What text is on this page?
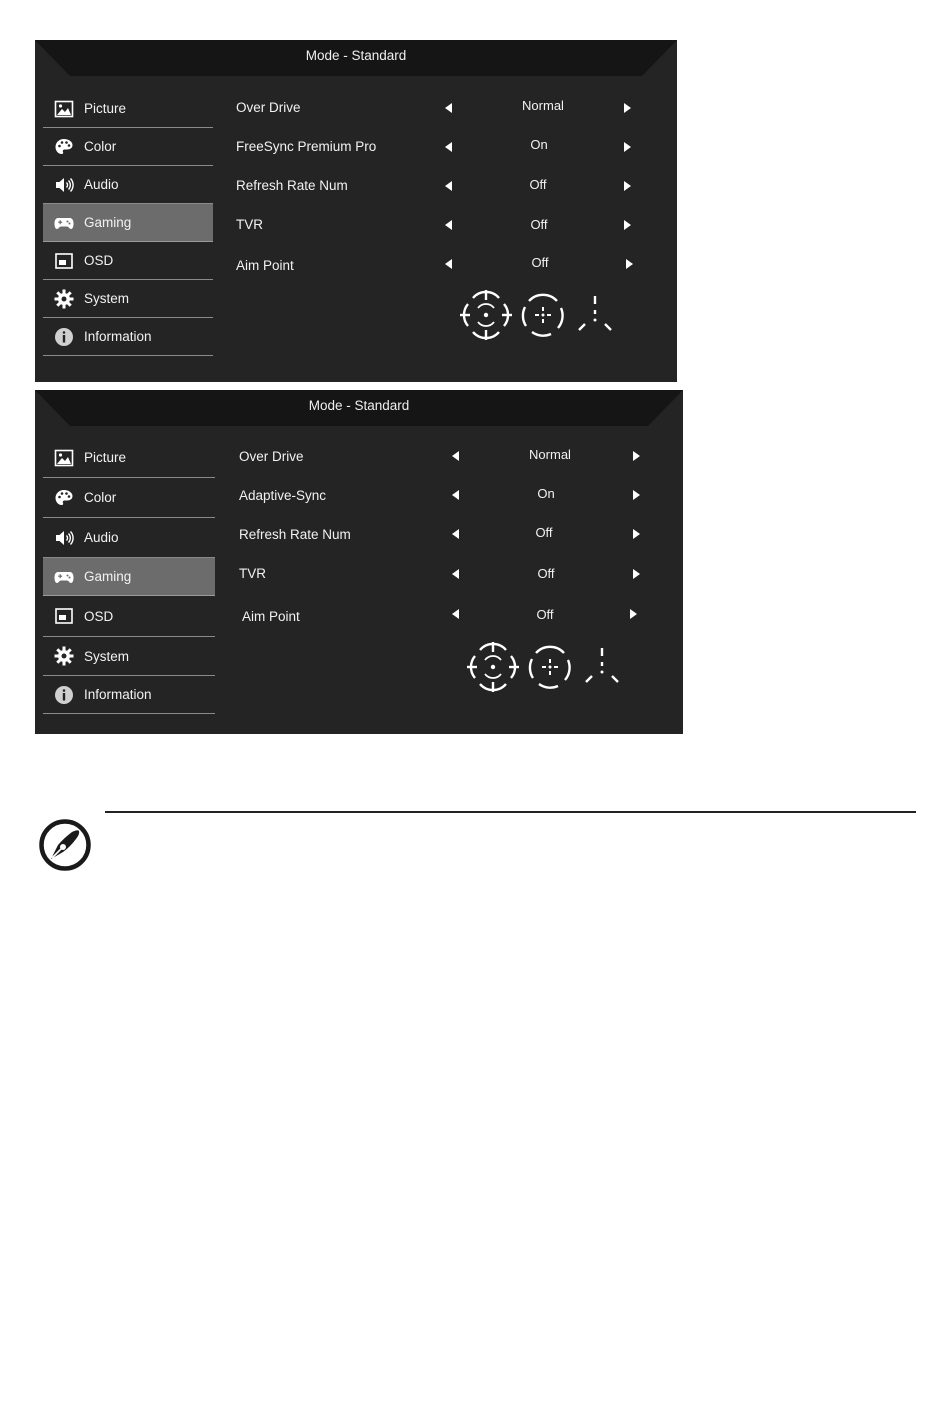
Mode - Standard
Picture
Color
Audio
Gaming
OSD
System
Information
Over Drive	Normal
FreeSync Premium Pro	On
Refresh Rate Num	Off
TVR	Off
Aim Point	Off
Mode - Standard
Picture
Color
Audio
Gaming
OSD
System
Information
Over Drive	Normal
Adaptive-Sync	On
Refresh Rate Num	Off
TVR	Off
Aim Point	Off
